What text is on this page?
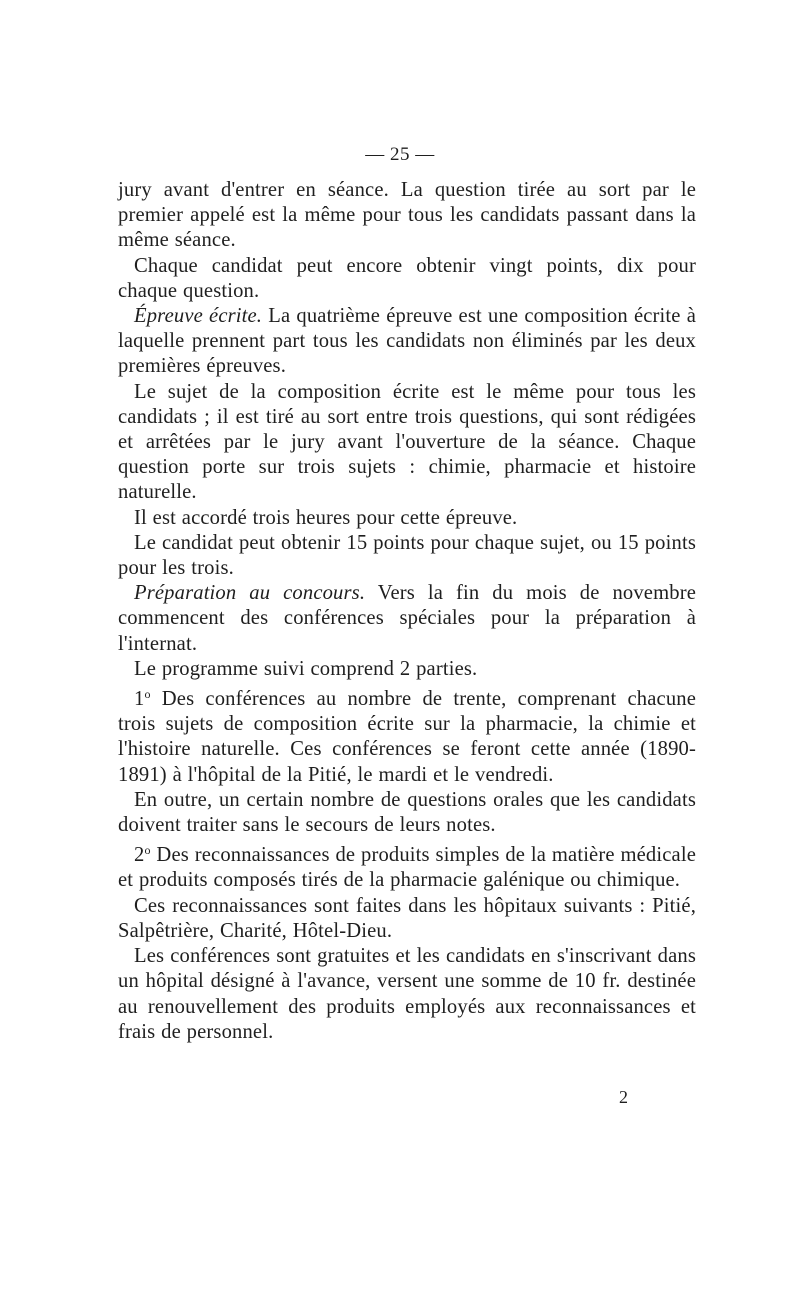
— 25 —

jury avant d'entrer en séance. La question tirée au sort par le premier appelé est la même pour tous les candidats passant dans la même séance.

Chaque candidat peut encore obtenir vingt points, dix pour chaque question.

Épreuve écrite. La quatrième épreuve est une composition écrite à laquelle prennent part tous les candidats non éliminés par les deux premières épreuves.

Le sujet de la composition écrite est le même pour tous les candidats ; il est tiré au sort entre trois questions, qui sont rédigées et arrêtées par le jury avant l'ouverture de la séance. Chaque question porte sur trois sujets : chimie, pharmacie et histoire naturelle.

Il est accordé trois heures pour cette épreuve.

Le candidat peut obtenir 15 points pour chaque sujet, ou 15 points pour les trois.

Préparation au concours. Vers la fin du mois de novembre commencent des conférences spéciales pour la préparation à l'internat.

Le programme suivi comprend 2 parties.

1$^o$ Des conférences au nombre de trente, comprenant chacune trois sujets de composition écrite sur la pharmacie, la chimie et l'histoire naturelle. Ces conférences se feront cette année (1890-1891) à l'hôpital de la Pitié, le mardi et le vendredi.

En outre, un certain nombre de questions orales que les candidats doivent traiter sans le secours de leurs notes.

2$^o$ Des reconnaissances de produits simples de la matière médicale et produits composés tirés de la pharmacie galénique ou chimique.

Ces reconnaissances sont faites dans les hôpitaux suivants : Pitié, Salpêtrière, Charité, Hôtel-Dieu.

Les conférences sont gratuites et les candidats en s'inscrivant dans un hôpital désigné à l'avance, versent une somme de 10 fr. destinée au renouvellement des produits employés aux reconnaissances et frais de personnel.

2
